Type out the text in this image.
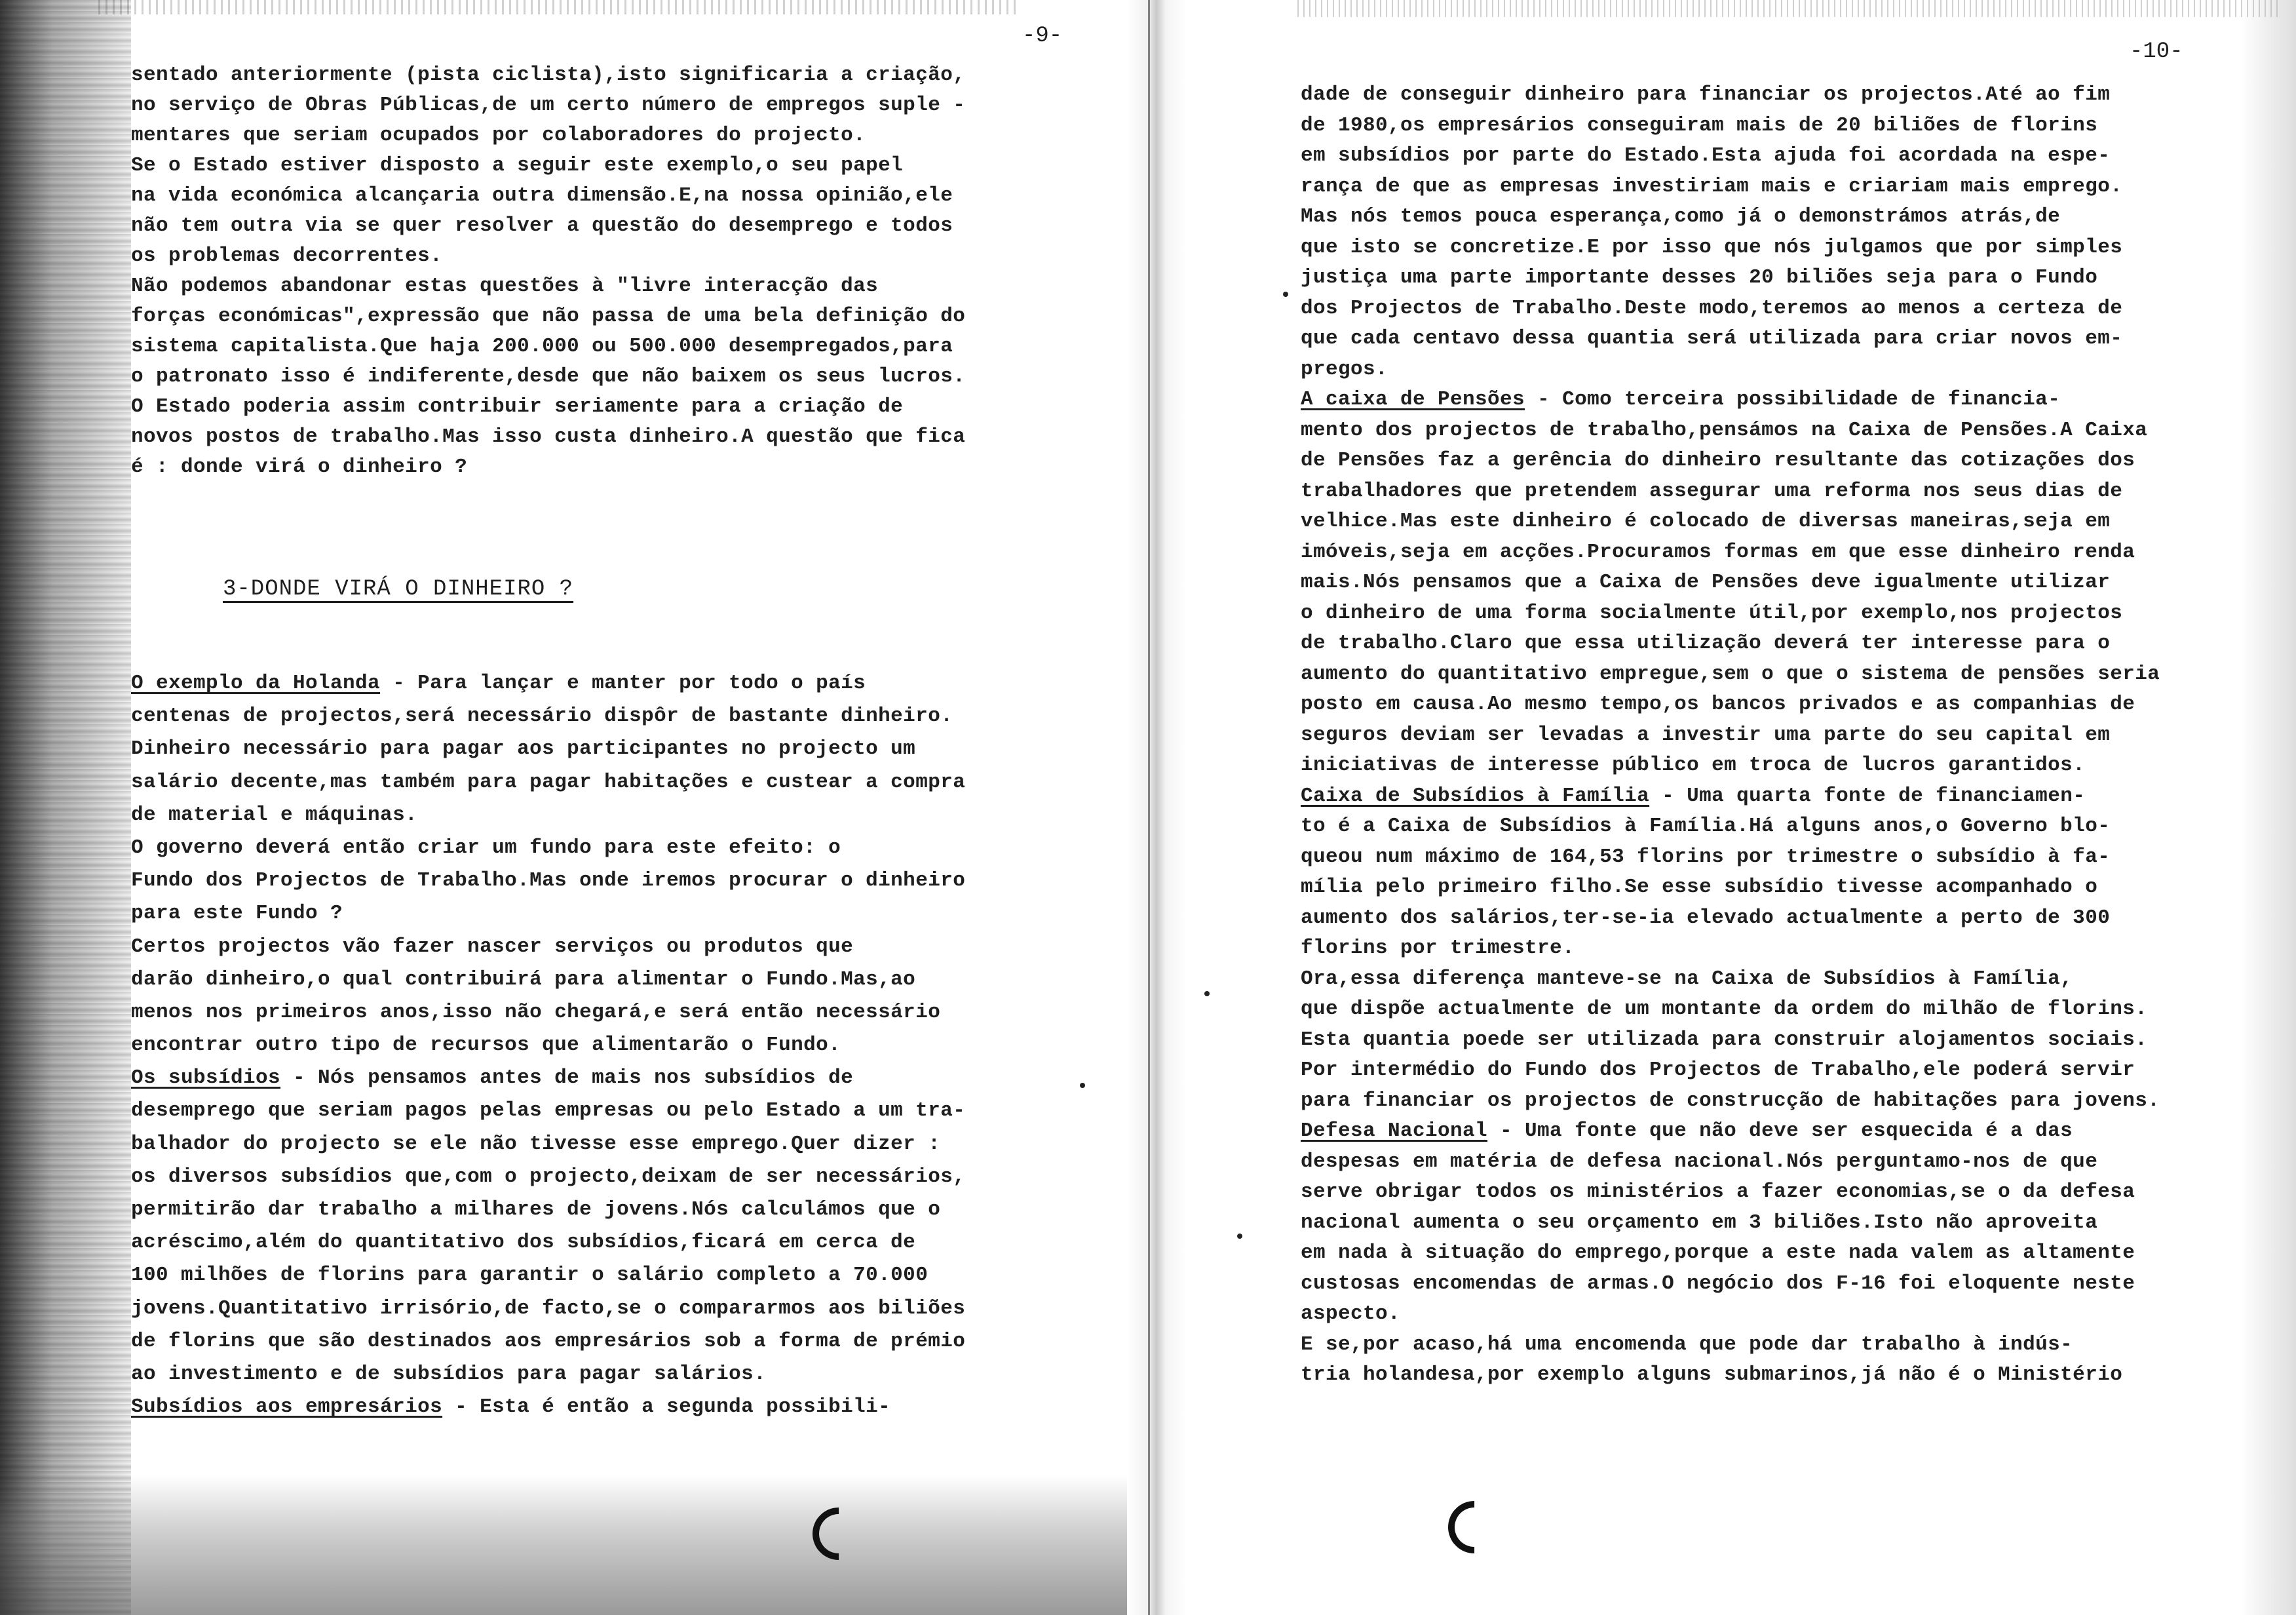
-9-
sentado anteriormente (pista ciclista),isto significaria a criação,
no serviço de Obras Públicas,de um certo número de empregos suple -
mentares que seriam ocupados por colaboradores do projecto.
Se o Estado estiver disposto a seguir este exemplo,o seu papel
na vida económica alcançaria outra dimensão.E,na nossa opinião,ele
não tem outra via se quer resolver a questão do desemprego e todos
os problemas decorrentes.
Não podemos abandonar estas questões à "livre interacção das
forças económicas",expressão que não passa de uma bela definição do
sistema capitalista.Que haja 200.000 ou 500.000 desempregados,para
o patronato isso é indiferente,desde que não baixem os seus lucros.
O Estado poderia assim contribuir seriamente para a criação de
novos postos de trabalho.Mas isso custa dinheiro.A questão que fica
é : donde virá o dinheiro ?
3-DONDE VIRÁ O DINHEIRO ?
O exemplo da Holanda - Para lançar e manter por todo o país
centenas de projectos,será necessário dispôr de bastante dinheiro.
Dinheiro necessário para pagar aos participantes no projecto um
salário decente,mas também para pagar habitações e custear a compra
de material e máquinas.
O governo deverá então criar um fundo para este efeito: o
Fundo dos Projectos de Trabalho.Mas onde iremos procurar o dinheiro
para este Fundo ?
Certos projectos vão fazer nascer serviços ou produtos que
darão dinheiro,o qual contribuirá para alimentar o Fundo.Mas,ao
menos nos primeiros anos,isso não chegará,e será então necessário
encontrar outro tipo de recursos que alimentarão o Fundo.
Os subsídios - Nós pensamos antes de mais nos subsídios de
desemprego que seriam pagos pelas empresas ou pelo Estado a um tra-
balhador do projecto se ele não tivesse esse emprego.Quer dizer :
os diversos subsídios que,com o projecto,deixam de ser necessários,
permitirão dar trabalho a milhares de jovens.Nós calculámos que o
acréscimo,além do quantitativo dos subsídios,ficará em cerca de
100 milhões de florins para garantir o salário completo a 70.000
jovens.Quantitativo irrisório,de facto,se o compararmos aos biliões
de florins que são destinados aos empresários sob a forma de prémio
ao investimento e de subsídios para pagar salários.
Subsídios aos empresários - Esta é então a segunda possibili-
-10-
dade de conseguir dinheiro para financiar os projectos.Até ao fim
de 1980,os empresários conseguiram mais de 20 biliões de florins
em subsídios por parte do Estado.Esta ajuda foi acordada na espe-
rança de que as empresas investiriam mais e criariam mais emprego.
Mas nós temos pouca esperança,como já o demonstrámos atrás,de
que isto se concretize.E por isso que nós julgamos que por simples
justiça uma parte importante desses 20 biliões seja para o Fundo
dos Projectos de Trabalho.Deste modo,teremos ao menos a certeza de
que cada centavo dessa quantia será utilizada para criar novos em-
pregos.
A caixa de Pensões - Como terceira possibilidade de financia-
mento dos projectos de trabalho,pensámos na Caixa de Pensões.A Caixa
de Pensões faz a gerência do dinheiro resultante das cotizações dos
trabalhadores que pretendem assegurar uma reforma nos seus dias de
velhice.Mas este dinheiro é colocado de diversas maneiras,seja em
imóveis,seja em acções.Procuramos formas em que esse dinheiro renda
mais.Nós pensamos que a Caixa de Pensões deve igualmente utilizar
o dinheiro de uma forma socialmente útil,por exemplo,nos projectos
de trabalho.Claro que essa utilização deverá ter interesse para o
aumento do quantitativo empregue,sem o que o sistema de pensões seria
posto em causa.Ao mesmo tempo,os bancos privados e as companhias de
seguros deviam ser levadas a investir uma parte do seu capital em
iniciativas de interesse público em troca de lucros garantidos.
Caixa de Subsídios à Família - Uma quarta fonte de financiamen-
to é a Caixa de Subsídios à Família.Há alguns anos,o Governo blo-
queou num máximo de 164,53 florins por trimestre o subsídio à fa-
mília pelo primeiro filho.Se esse subsídio tivesse acompanhado o
aumento dos salários,ter-se-ia elevado actualmente a perto de 300
florins por trimestre.
Ora,essa diferença manteve-se na Caixa de Subsídios à Família,
que dispõe actualmente de um montante da ordem do milhão de florins.
Esta quantia poede ser utilizada para construir alojamentos sociais.
Por intermédio do Fundo dos Projectos de Trabalho,ele poderá servir
para financiar os projectos de construcção de habitações para jovens.
Defesa Nacional - Uma fonte que não deve ser esquecida é a das
despesas em matéria de defesa nacional.Nós perguntamo-nos de que
serve obrigar todos os ministérios a fazer economias,se o da defesa
nacional aumenta o seu orçamento em 3 biliões.Isto não aproveita
em nada à situação do emprego,porque a este nada valem as altamente
custosas encomendas de armas.O negócio dos F-16 foi eloquente neste
aspecto.
E se,por acaso,há uma encomenda que pode dar trabalho à indús-
tria holandesa,por exemplo alguns submarinos,já não é o Ministério
